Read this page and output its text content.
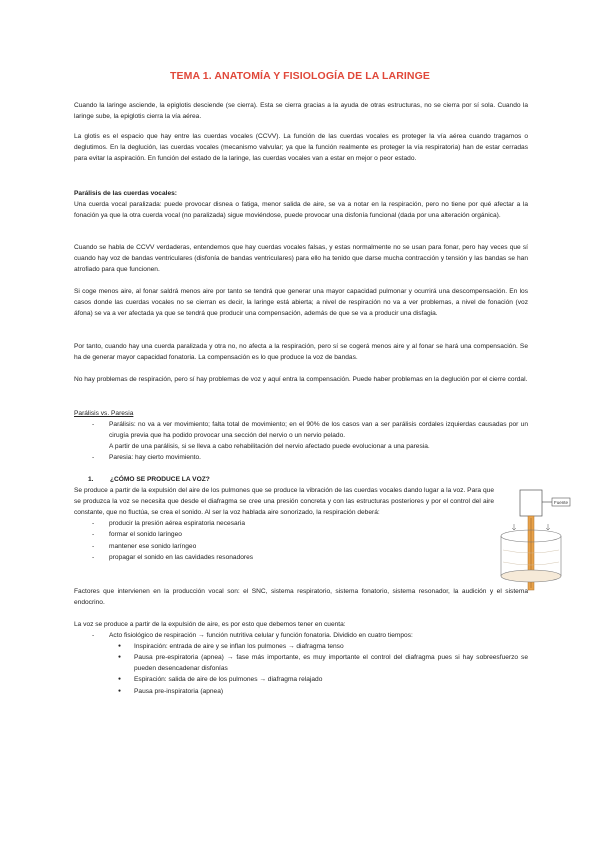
TEMA 1. ANATOMÍA Y FISIOLOGÍA DE LA LARINGE

Cuando la laringe asciende, la epiglotis desciende (se cierra). Esta se cierra gracias a la ayuda de otras estructuras, no se cierra por sí sola. Cuando la laringe sube, la epiglotis cierra la vía aérea.

La glotis es el espacio que hay entre las cuerdas vocales (CCVV). La función de las cuerdas vocales es proteger la vía aérea cuando tragamos o deglutimos. En la deglución, las cuerdas vocales (mecanismo valvular; ya que la función realmente es proteger la vía respiratoria) han de estar cerradas para evitar la aspiración. En función del estado de la laringe, las cuerdas vocales van a estar en mejor o peor estado.

Parálisis de las cuerdas vocales:
Una cuerda vocal paralizada: puede provocar disnea o fatiga, menor salida de aire, se va a notar en la respiración, pero no tiene por qué afectar a la fonación ya que la otra cuerda vocal (no paralizada) sigue moviéndose, puede provocar una disfonía funcional (dada por una alteración orgánica).

Cuando se habla de CCVV verdaderas, entendemos que hay cuerdas vocales falsas, y estas normalmente no se usan para fonar, pero hay veces que sí cuando hay voz de bandas ventriculares (disfonía de bandas ventriculares) para ello ha tenido que darse mucha contracción y tensión y las bandas se han atrofiado para que funcionen.

Si coge menos aire, al fonar saldrá menos aire por tanto se tendrá que generar una mayor capacidad pulmonar y ocurrirá una descompensación. En los casos donde las cuerdas vocales no se cierran es decir, la laringe está abierta; a nivel de respiración no va a ver problemas, a nivel de fonación (voz áfona) se va a ver afectada ya que se tendrá que producir una compensación, además de que se va a producir una disfagia.

Por tanto, cuando hay una cuerda paralizada y otra no, no afecta a la respiración, pero sí se cogerá menos aire y al fonar se hará una compensación. Se ha de generar mayor capacidad fonatoria. La compensación es lo que produce la voz de bandas.

No hay problemas de respiración, pero sí hay problemas de voz y aquí entra la compensación. Puede haber problemas en la deglución por el cierre cordal.

Parálisis vs. Paresia
- Parálisis: no va a ver movimiento; falta total de movimiento; en el 90% de los casos van a ser parálisis cordales izquierdas causadas por un cirugía previa que ha podido provocar una sección del nervio o un nervio pelado.
A partir de una parálisis, si se lleva a cabo rehabilitación del nervio afectado puede evolucionar a una paresia.
- Paresia: hay cierto movimiento.
1.	¿CÓMO SE PRODUCE LA VOZ?
Se produce a partir de la expulsión del aire de los pulmones que se produce la vibración de las cuerdas vocales dando lugar a la voz. Para que se produzca la voz se necesita que desde el diafragma se cree una presión concreta y con las estructuras posteriores y por el control del aire constante, que no fluctúa, se crea el sonido. Al ser la voz hablada aire sonorizado, la respiración deberá:
- producir la presión aérea espiratoria necesaria
- formar el sonido laríngeo
- mantener ese sonido laríngeo
- propagar el sonido en las cavidades resonadores

Factores que intervienen en la producción vocal son: el SNC, sistema respiratorio, sistema fonatorio, sistema resonador, la audición y el sistema endocrino.

La voz se produce a partir de la expulsión de aire, es por esto que debemos tener en cuenta:
- Acto fisiológico de respiración → función nutritiva celular y función fonatoria. Dividido en cuatro tiempos:
● Inspiración: entrada de aire y se inflan los pulmones → diafragma tenso
● Pausa pre-espiratoria (apnea) → fase más importante, es muy importante el control del diafragma pues si hay sobreesfuerzo se pueden desencadenar disfonías
● Espiración: salida de aire de los pulmones → diafragma relajado
● Pausa pre-inspiratoria (apnea)
Fuente
